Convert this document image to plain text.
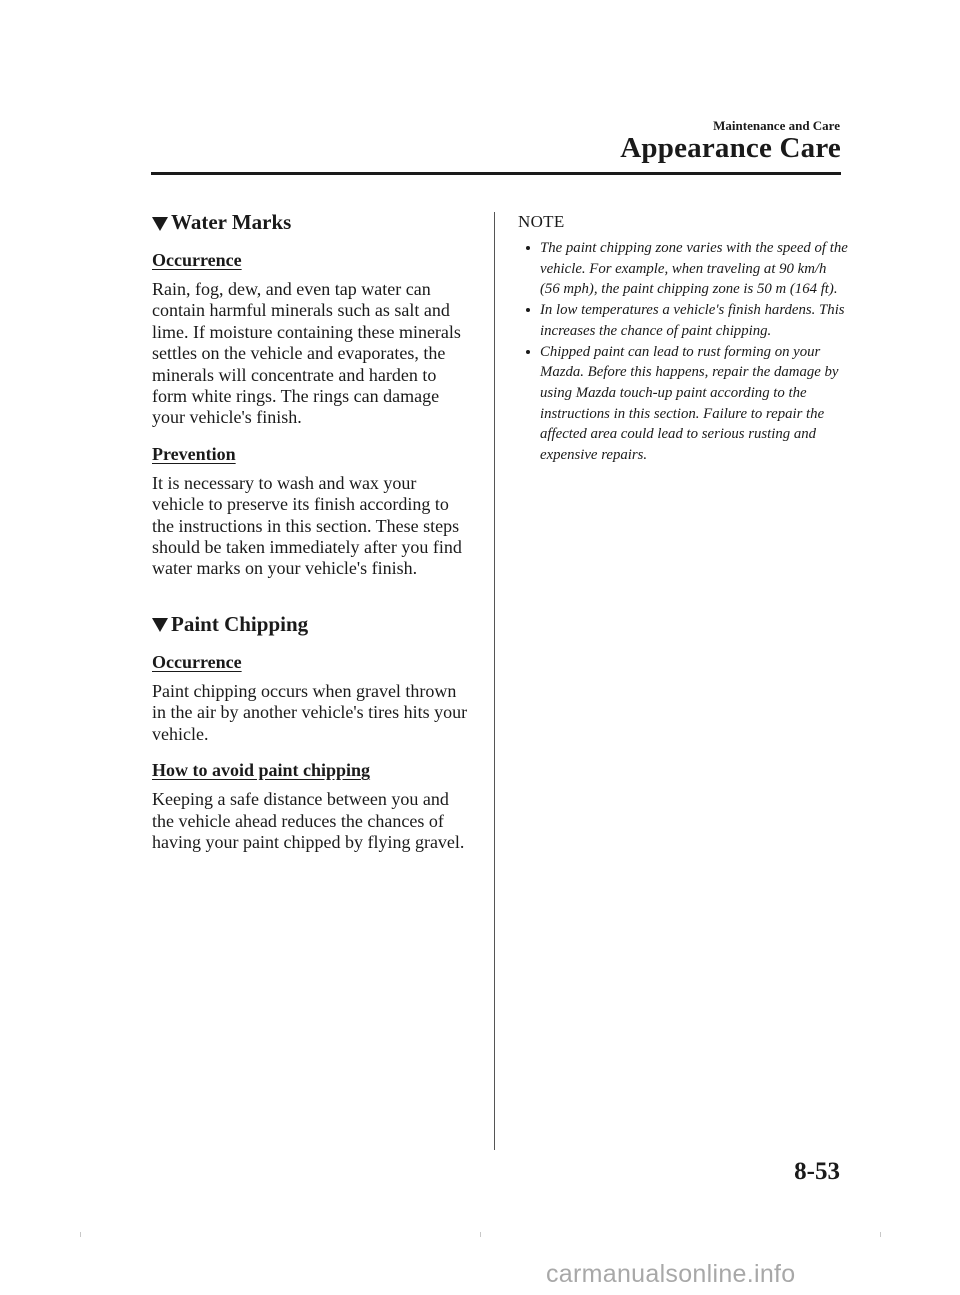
Maintenance and Care
Appearance Care
Water Marks
Occurrence

Rain, fog, dew, and even tap water can contain harmful minerals such as salt and lime. If moisture containing these minerals settles on the vehicle and evaporates, the minerals will concentrate and harden to form white rings. The rings can damage your vehicle's finish.

Prevention

It is necessary to wash and wax your vehicle to preserve its finish according to the instructions in this section. These steps should be taken immediately after you find water marks on your vehicle's finish.

Paint Chipping
Occurrence

Paint chipping occurs when gravel thrown in the air by another vehicle's tires hits your vehicle.

How to avoid paint chipping

Keeping a safe distance between you and the vehicle ahead reduces the chances of having your paint chipped by flying gravel.

NOTE
The paint chipping zone varies with the speed of the vehicle. For example, when traveling at 90 km/h (56 mph), the paint chipping zone is 50 m (164 ft).
In low temperatures a vehicle's finish hardens. This increases the chance of paint chipping.
Chipped paint can lead to rust forming on your Mazda. Before this happens, repair the damage by using Mazda touch-up paint according to the instructions in this section. Failure to repair the affected area could lead to serious rusting and expensive repairs.
8-53
carmanualsonline.info
